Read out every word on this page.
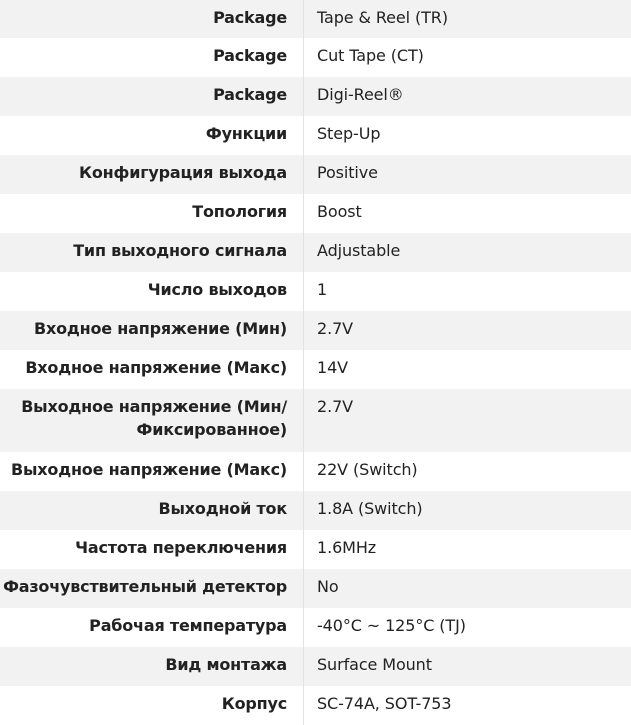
Package	Tape & Reel (TR)
Package	Cut Tape (CT)
Package	Digi-Reel®
Функции	Step-Up
Конфигурация выхода	Positive
Топология	Boost
Тип выходного сигнала	Adjustable
Число выходов	1
Входное напряжение (Мин)	2.7V
Входное напряжение (Макс)	14V
Выходное напряжение (Мин/
Фиксированное)	2.7V
Выходное напряжение (Макс)	22V (Switch)
Выходной ток	1.8A (Switch)
Частота переключения	1.6MHz
Фазочувствительный детектор	No
Рабочая температура	-40°C ~ 125°C (TJ)
Вид монтажа	Surface Mount
Корпус	SC-74A, SOT-753
